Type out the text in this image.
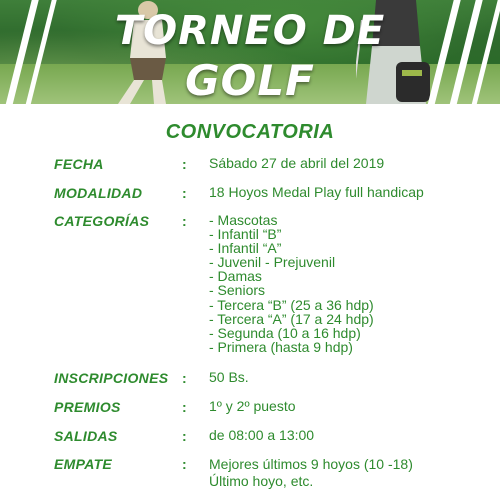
TORNEO DE
GOLF
CONVOCATORIA
FECHA	: Sábado 27 de abril del 2019
MODALIDAD	: 18 Hoyos Medal Play full handicap
CATEGORÍAS : - Mascotas
- Infantil “B”
- Infantil “A”
- Juvenil - Prejuvenil
- Damas
- Seniors
- Tercera “B” (25 a 36 hdp)
- Tercera “A” (17 a 24 hdp)
- Segunda (10 a 16 hdp)
- Primera (hasta 9 hdp)
INSCRIPCIONES : 50 Bs.
PREMIOS	: 1º y 2º puesto
SALIDAS	: de 08:00 a 13:00
EMPATE	: Mejores últimos 9 hoyos (10 -18)
Último hoyo, etc.
